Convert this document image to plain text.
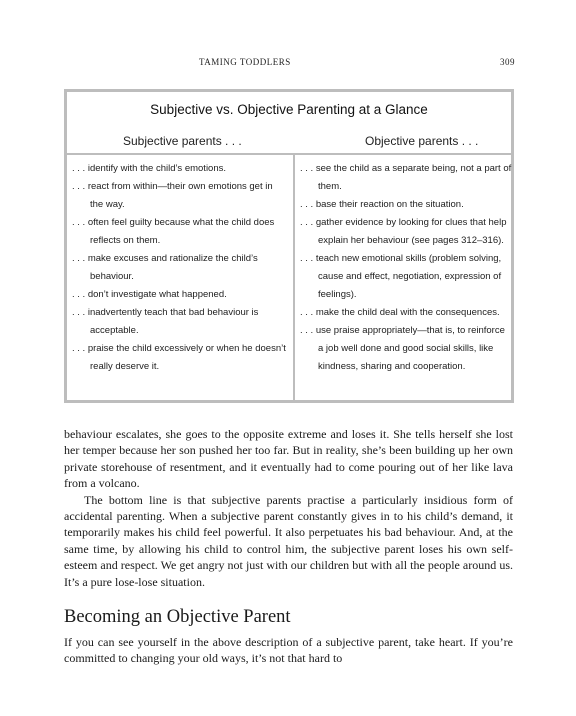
TAMING TODDLERS	309
Subjective vs. Objective Parenting at a Glance
Subjective parents . . .	Objective parents . . .
. . . identify with the child’s emotions.
. . . react from within—their own emotions get in the way.
. . . often feel guilty because what the child does reflects on them.
. . . make excuses and rationalize the child’s behaviour.
. . . don’t investigate what happened.
. . . inadvertently teach that bad behaviour is acceptable.
. . . praise the child excessively or when he doesn’t really deserve it.
. . . see the child as a separate being, not a part of them.
. . . base their reaction on the situation.
. . . gather evidence by looking for clues that help explain her behaviour (see pages 312–316).
. . . teach new emotional skills (problem solving, cause and effect, negotiation, expression of feelings).
. . . make the child deal with the consequences.
. . . use praise appropriately—that is, to reinforce a job well done and good social skills, like kindness, sharing and cooperation.

behaviour escalates, she goes to the opposite extreme and loses it. She tells herself she lost her temper because her son pushed her too far. But in reality, she’s been building up her own private storehouse of resentment, and it eventually had to come pouring out of her like lava from a volcano.

The bottom line is that subjective parents practise a particularly insidious form of accidental parenting. When a subjective parent constantly gives in to his child’s demand, it temporarily makes his child feel powerful. It also perpetuates his bad behaviour. And, at the same time, by allowing his child to control him, the subjective parent loses his own self-esteem and respect. We get angry not just with our children but with all the people around us. It’s a pure lose-lose situation.

Becoming an Objective Parent

If you can see yourself in the above description of a subjective parent, take heart. If you’re committed to changing your old ways, it’s not that hard to
